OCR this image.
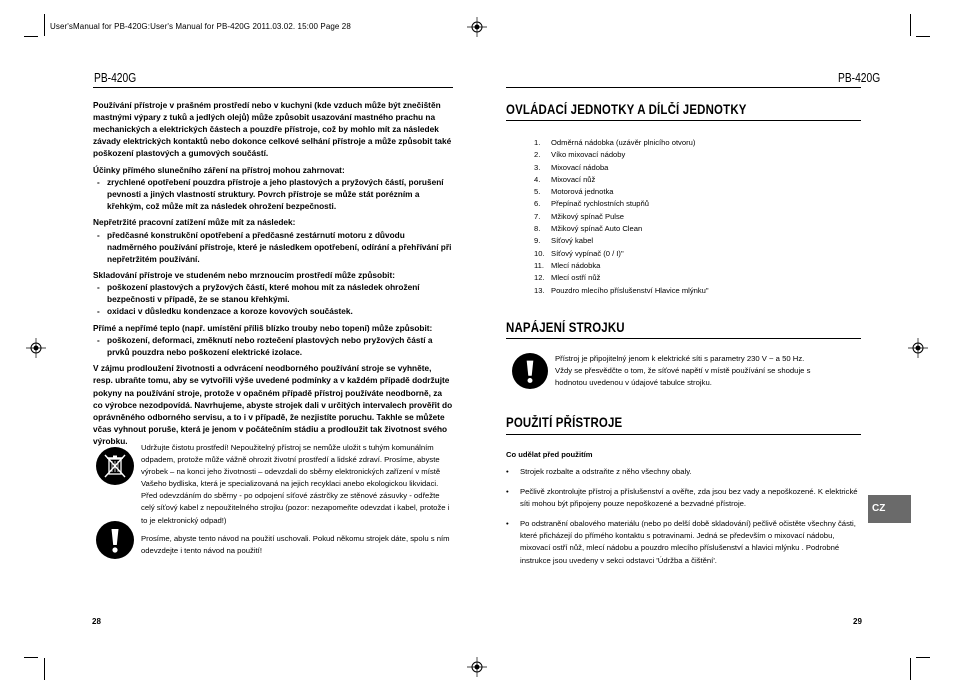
User'sManual for PB-420G:User's Manual for PB-420G 2011.03.02. 15:00 Page 28
PB-420G

Používání přístroje v prašném prostředí nebo v kuchyni (kde vzduch může být znečištěn mastnými výpary z tuků a jedlých olejů) může způsobit usazování mastného prachu na mechanických a elektrických částech a pouzdře přístroje, což by mohlo mít za následek závady elektrických kontaktů nebo dokonce celkové selhání přístroje a může způsobit také poškození plastových a gumových součástí.

Účinky přímého slunečního záření na přístroj mohou zahrnovat:
- zrychlené opotřebení pouzdra přístroje a jeho plastových a pryžových částí, porušení pevnosti a jiných vlastností struktury. Povrch přístroje se může stát porézním a křehkým, což může mít za následek ohrožení bezpečnosti.
Nepřetržité pracovní zatížení může mít za následek:
- předčasné konstrukční opotřebení a předčasné zestárnutí motoru z důvodu nadměrného používání přístroje, které je následkem opotřebení, odírání a přehřívání při nepřetržitém používání.
Skladování přístroje ve studeném nebo mrznoucím prostředí může způsobit:
- poškození plastových a pryžových částí, které mohou mít za následek ohrožení bezpečnosti v případě, že se stanou křehkými.
- oxidaci v důsledku kondenzace a koroze kovových součástek.
Přímé a nepřímé teplo (např. umístění příliš blízko trouby nebo topení) může způsobit:
- poškození, deformaci, změknutí nebo roztečení plastových nebo pryžových částí a prvků pouzdra nebo poškození elektrické izolace.

V zájmu prodloužení životnosti a odvrácení neodborného používání stroje se vyhněte, resp. ubraňte tomu, aby se vytvořili výše uvedené podmínky a v každém případě dodržujte pokyny na používání stroje, protože v opačném případě přístroj používáte neodborně, za co výrobce nezodpovídá. Navrhujeme, abyste strojek dali v určitých intervalech prověřit do oprávněného odborného servisu, a to i v případě, že nezjistíte poruchu. Takhle se můžete včas vyhnout poruše, která je jenom v počátečním stádiu a prodloužit tak životnost svého výrobku.

Udržujte čistotu prostředí! Nepoužitelný přístroj se nemůže uložit s tuhým komunálním odpadem, protože může vážně ohrozit životní prostředí a lidské zdraví. Prosíme, abyste výrobek – na konci jeho životnosti – odevzdali do sběrny elektronických zařízení v místě Vašeho bydliska, která je specializovaná na jejich recyklaci anebo ekologickou likvidaci. Před odevzdáním do sběrny - po odpojení síťové zástrčky ze stěnové zásuvky - odřežte celý síťový kabel z nepoužitelného strojku (pozor: nezapomeňte odevzdat i kabel, protože i to je elektronický odpad!)
Prosíme, abyste tento návod na použití uschovali. Pokud někomu strojek dáte, spolu s ním odevzdejte i tento návod na použití!
28
PB-420G
OVLÁDACÍ JEDNOTKY A DÍLČÍ JEDNOTKY
1.	Odměrná nádobka (uzávěr plnicího otvoru)
2.	Víko mixovací nádoby
3.	Mixovací nádoba
4.	Mixovací nůž
5.	Motorová jednotka
6.	Přepínač rychlostních stupňů
7.	Mžikový spínač Pulse
8.	Mžikový spínač Auto Clean
9.	Síťový kabel
10. Síťový vypínač (0 / I)"
11. Mlecí nádobka
12. Mlecí ostří nůž
13. Pouzdro mlecího příslušenství Hlavice mlýnku"
NAPÁJENÍ STROJKU
Přístroj je připojitelný jenom k elektrické síti s parametry 230 V ~ a 50 Hz. Vždy se přesvědčte o tom, že síťové napětí v místě používání se shoduje s hodnotou uvedenou v údajové tabulce strojku.
POUŽITÍ PŘÍSTROJE
Co udělat před použitím
• Strojek rozbalte a odstraňte z něho všechny obaly.
• Pečlivě zkontrolujte přístroj a příslušenství a ověřte, zda jsou bez vady a nepoškozené. K elektrické síti mohou být připojeny pouze nepoškozené a bezvadné přístroje.
• Po odstranění obalového materiálu (nebo po delší době skladování) pečlivě očistěte všechny části, které přicházejí do přímého kontaktu s potravinami. Jedná se především o mixovací nádobu, mixovací ostří nůž, mlecí nádobu a pouzdro mlecího příslušenství a hlavici mlýnku . Podrobné instrukce jsou uvedeny v sekci odstavci 'Údržba a čištění'.
CZ
29
